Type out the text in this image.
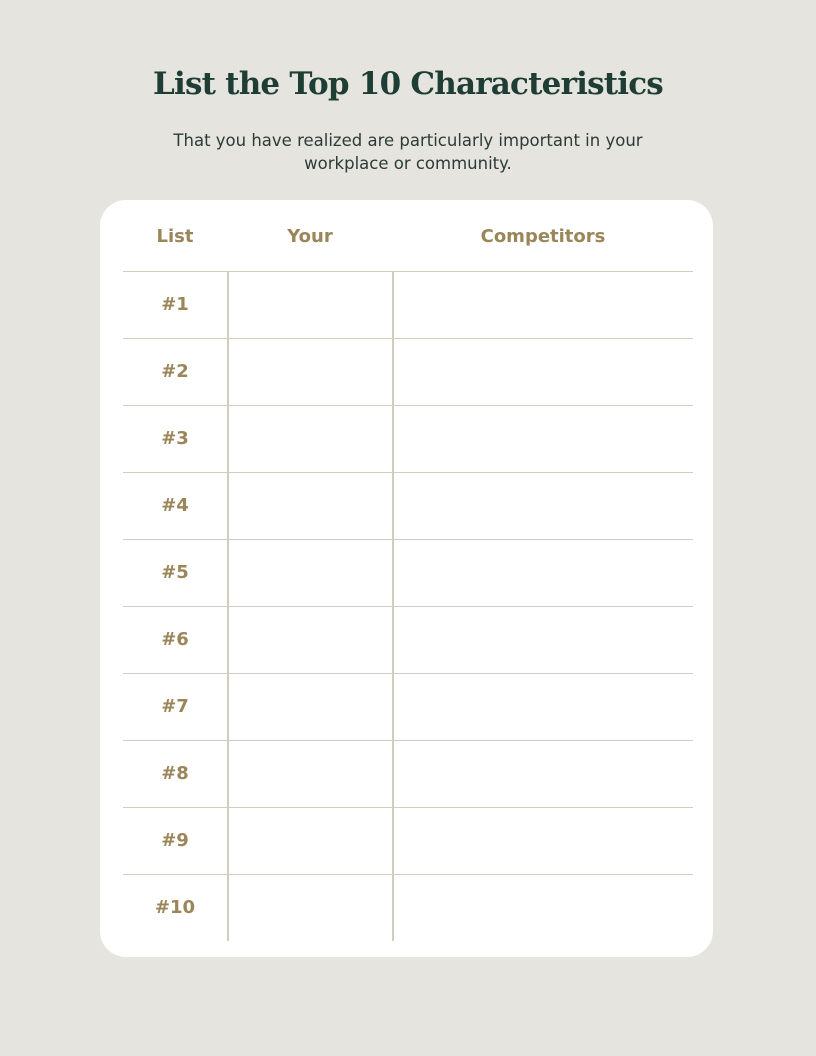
List the Top 10 Characteristics

That you have realized are particularly important in your workplace or community.

List	Your	Competitors
#1
#2
#3
#4
#5
#6
#7
#8
#9
#10
